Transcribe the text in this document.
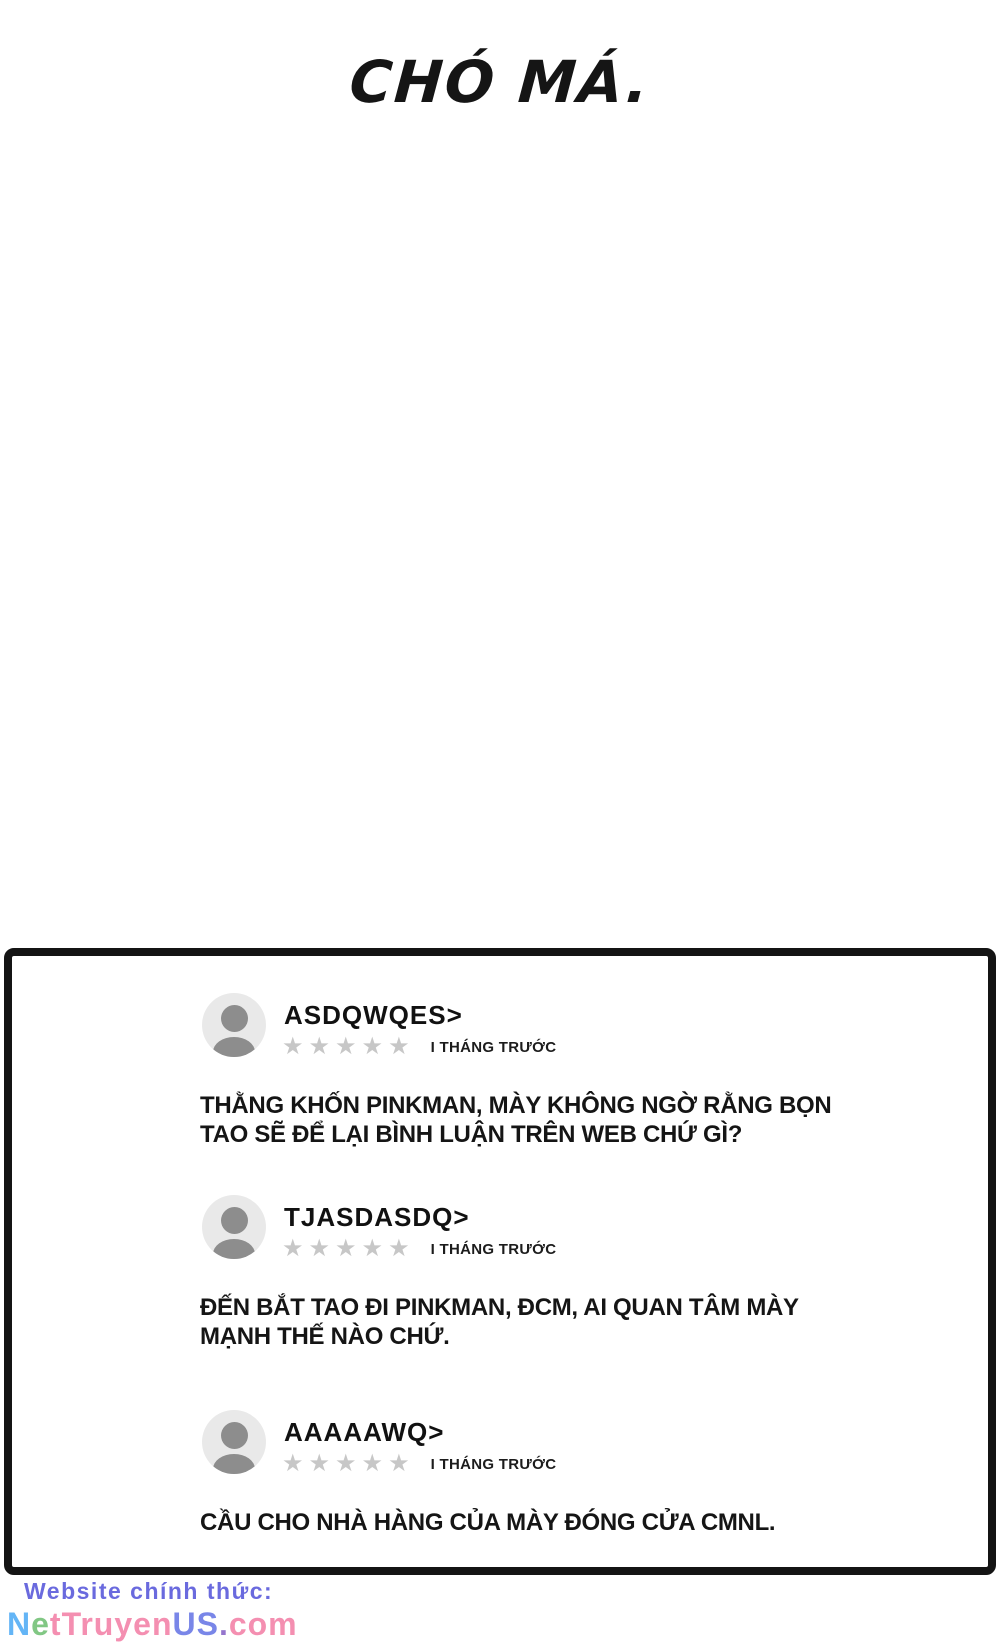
CHÓ MÁ.
ASDQWQES>
★★★★★ I THÁNG TRƯỚC
THẰNG KHỐN PINKMAN, MÀY KHÔNG NGỜ RẰNG BỌN
TAO SẼ ĐỂ LẠI BÌNH LUẬN TRÊN WEB CHỨ GÌ?
TJASDASDQ>
★★★★★ I THÁNG TRƯỚC
ĐẾN BẮT TAO ĐI PINKMAN, ĐCM, AI QUAN TÂM MÀY
MẠNH THẾ NÀO CHỨ.
AAAAAWQ>
★★★★★ I THÁNG TRƯỚC
CẦU CHO NHÀ HÀNG CỦA MÀY ĐÓNG CỬA CMNL.
Website chính thức:
NetTruyenUS.com
